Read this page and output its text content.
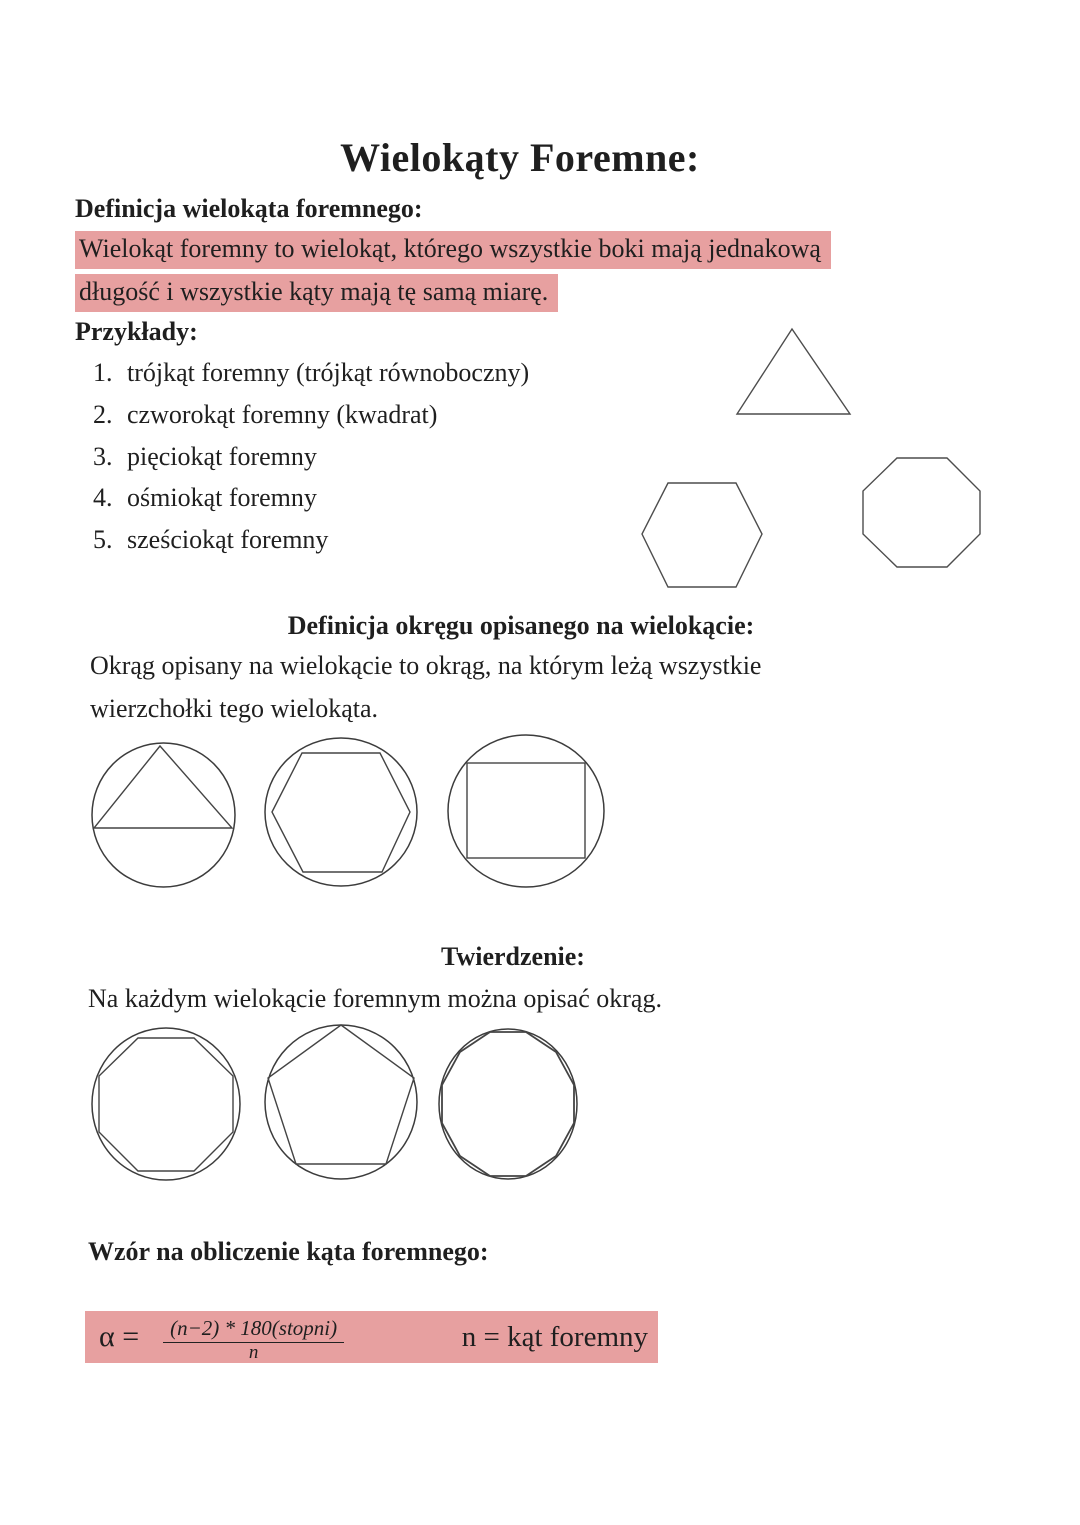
Wielokąty Foremne:
Definicja wielokąta foremnego:
Wielokąt foremny to wielokąt, którego wszystkie boki mają jednakową
długość i wszystkie kąty mają tę samą miarę.
Przykłady:
1. trójkąt foremny (trójkąt równoboczny)
2. czworokąt foremny (kwadrat)
3. pięciokąt foremny
4. ośmiokąt foremny
5. sześciokąt foremny
Definicja okręgu opisanego na wielokącie:
Okrąg opisany na wielokącie to okrąg, na którym leżą wszystkie
wierzchołki tego wielokąta.
Twierdzenie:
Na każdym wielokącie foremnym można opisać okrąg.
Wzór na obliczenie kąta foremnego:
α =	(n−2) * 180(stopni)
n	n = kąt foremny
